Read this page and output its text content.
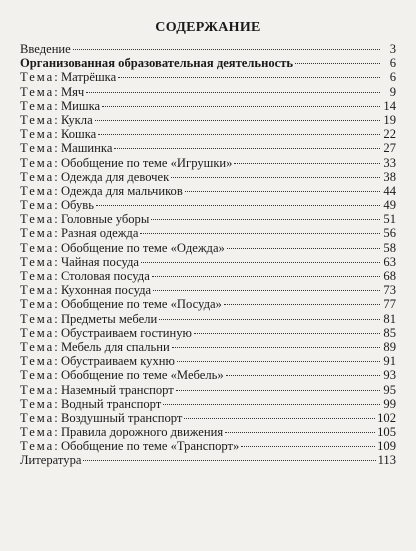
СОДЕРЖАНИЕ
Введение	3
Организованная образовательная деятельность	6
Тема : Матрёшка	6
Тема : Мяч	9
Тема : Мишка	14
Тема : Кукла	19
Тема : Кошка	22
Тема : Машинка	27
Тема : Обобщение по теме «Игрушки»	33
Тема : Одежда для девочек	38
Тема : Одежда для мальчиков	44
Тема : Обувь	49
Тема : Головные уборы	51
Тема : Разная одежда	56
Тема : Обобщение по теме «Одежда»	58
Тема : Чайная посуда	63
Тема : Столовая посуда	68
Тема : Кухонная посуда	73
Тема : Обобщение по теме «Посуда»	77
Тема : Предметы мебели	81
Тема : Обустраиваем гостиную	85
Тема : Мебель для спальни	89
Тема : Обустраиваем кухню	91
Тема : Обобщение по теме «Мебель»	93
Тема : Наземный транспорт	95
Тема : Водный транспорт	99
Тема : Воздушный транспорт	102
Тема : Правила дорожного движения	105
Тема : Обобщение по теме «Транспорт»	109
Литература	113
